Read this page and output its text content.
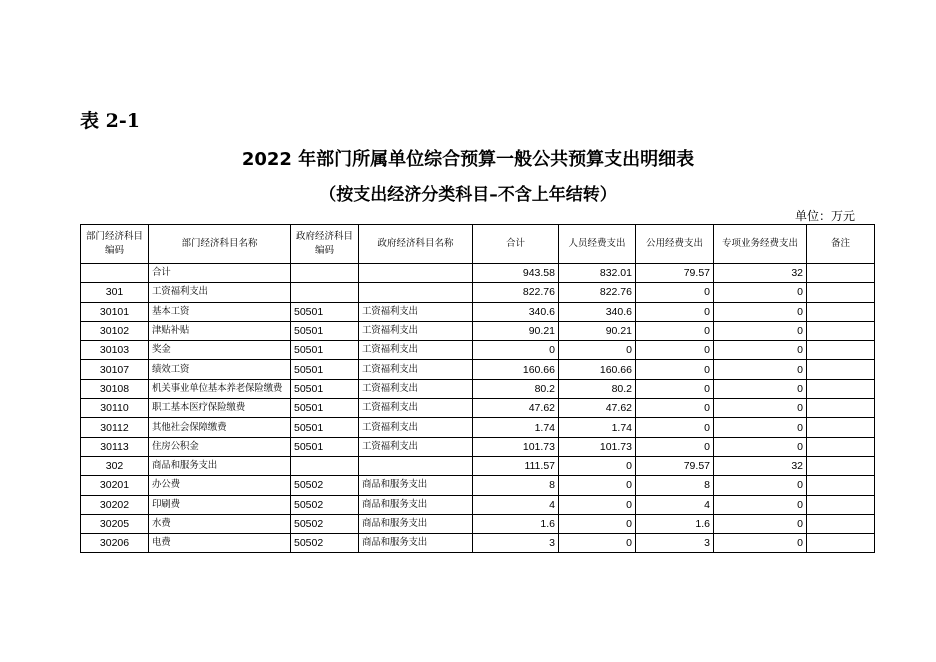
表 2-1
2022 年部门所属单位综合预算一般公共预算支出明细表
（按支出经济分类科目–不含上年结转）
单位：万元
部门经济科目编码	部门经济科目名称	政府经济科目编码	政府经济科目名称	合计	人员经费支出	公用经费支出	专项业务经费支出	备注
	合计			943.58	832.01	79.57	32	
301	工资福利支出			822.76	822.76	0	0	
30101	基本工资	50501	工资福利支出	340.6	340.6	0	0	
30102	津贴补贴	50501	工资福利支出	90.21	90.21	0	0	
30103	奖金	50501	工资福利支出	0	0	0	0	
30107	绩效工资	50501	工资福利支出	160.66	160.66	0	0	
30108	机关事业单位基本养老保险缴费	50501	工资福利支出	80.2	80.2	0	0	
30110	职工基本医疗保险缴费	50501	工资福利支出	47.62	47.62	0	0	
30112	其他社会保障缴费	50501	工资福利支出	1.74	1.74	0	0	
30113	住房公积金	50501	工资福利支出	101.73	101.73	0	0	
302	商品和服务支出			111.57	0	79.57	32	
30201	办公费	50502	商品和服务支出	8	0	8	0	
30202	印刷费	50502	商品和服务支出	4	0	4	0	
30205	水费	50502	商品和服务支出	1.6	0	1.6	0	
30206	电费	50502	商品和服务支出	3	0	3	0	
